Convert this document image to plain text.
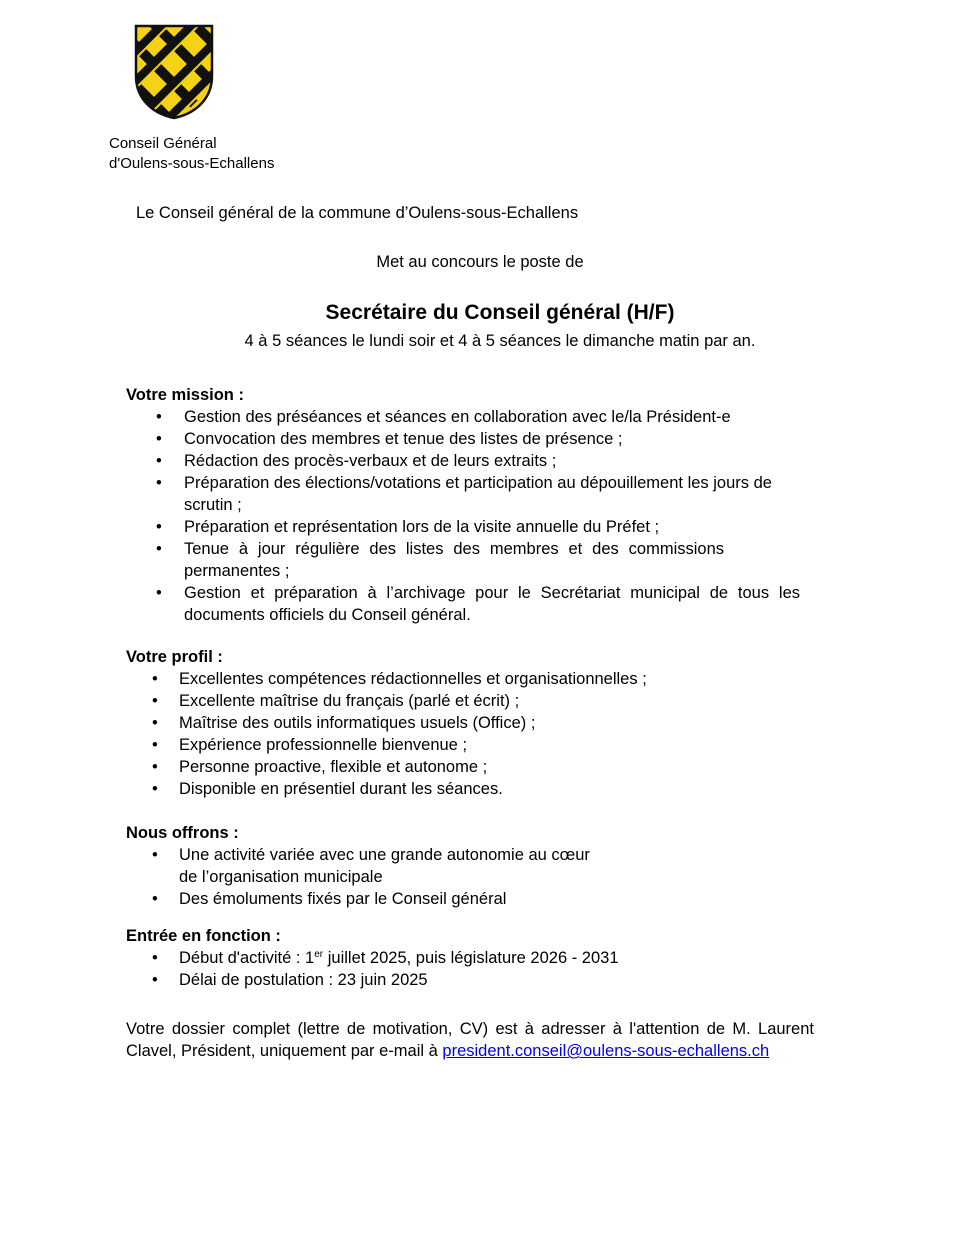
Conseil Général
d'Oulens-sous-Echallens
Le Conseil général de la commune d’Oulens-sous-Echallens
Met au concours le poste de
Secrétaire du Conseil général (H/F)
4 à 5 séances le lundi soir et 4 à 5 séances le dimanche matin par an.
Votre mission :
• Gestion des préséances et séances en collaboration avec le/la Président-e
• Convocation des membres et tenue des listes de présence ;
• Rédaction des procès-verbaux et de leurs extraits ;
• Préparation des élections/votations et participation au dépouillement les jours de scrutin ;
• Préparation et représentation lors de la visite annuelle du Préfet ;
• Tenue à jour régulière des listes des membres et des commissions permanentes ;
• Gestion et préparation à l’archivage pour le Secrétariat municipal de tous les documents officiels du Conseil général.
Votre profil :
• Excellentes compétences rédactionnelles et organisationnelles ;
• Excellente maîtrise du français (parlé et écrit) ;
• Maîtrise des outils informatiques usuels (Office) ;
• Expérience professionnelle bienvenue ;
• Personne proactive, flexible et autonome ;
• Disponible en présentiel durant les séances.
Nous offrons :
• Une activité variée avec une grande autonomie au cœur de l’organisation municipale
• Des émoluments fixés par le Conseil général
Entrée en fonction :
• Début d'activité : 1er juillet 2025, puis législature 2026 - 2031
• Délai de postulation : 23 juin 2025
Votre dossier complet (lettre de motivation, CV) est à adresser à l'attention de M. Laurent Clavel, Président, uniquement par e-mail à president.conseil@oulens-sous-echallens.ch
